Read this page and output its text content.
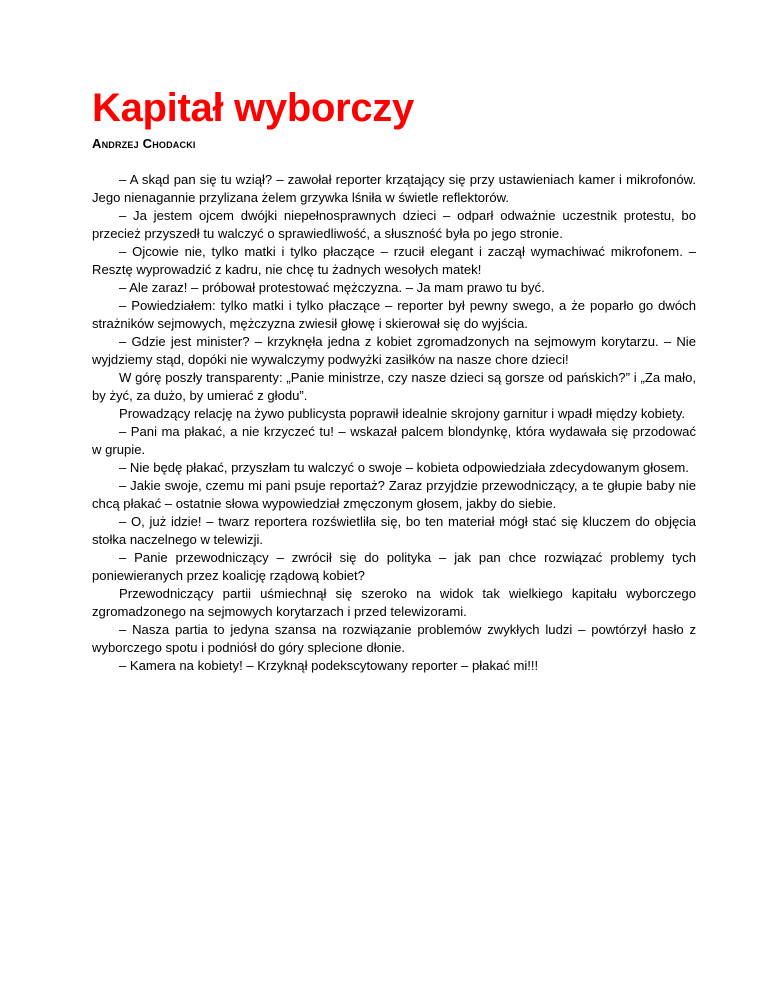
Kapitał wyborczy
Andrzej Chodacki

– A skąd pan się tu wziął? – zawołał reporter krzątający się przy ustawieniach kamer i mikrofonów. Jego nienagannie przylizana żelem grzywka lśniła w świetle reflektorów.

– Ja jestem ojcem dwójki niepełnosprawnych dzieci – odparł odważnie uczestnik protestu, bo przecież przyszedł tu walczyć o sprawiedliwość, a słuszność była po jego stronie.

– Ojcowie nie, tylko matki i tylko płaczące – rzucił elegant i zaczął wymachiwać mikrofonem. – Resztę wyprowadzić z kadru, nie chcę tu żadnych wesołych matek!

– Ale zaraz! – próbował protestować mężczyzna. – Ja mam prawo tu być.

– Powiedziałem: tylko matki i tylko płaczące – reporter był pewny swego, a że poparło go dwóch strażników sejmowych, mężczyzna zwiesił głowę i skierował się do wyjścia.

– Gdzie jest minister? – krzyknęła jedna z kobiet zgromadzonych na sejmowym korytarzu. – Nie wyjdziemy stąd, dopóki nie wywalczymy podwyżki zasiłków na nasze chore dzieci!

W górę poszły transparenty: „Panie ministrze, czy nasze dzieci są gorsze od pańskich?” i „Za mało, by żyć, za dużo, by umierać z głodu”.

Prowadzący relację na żywo publicysta poprawił idealnie skrojony garnitur i wpadł między kobiety.

– Pani ma płakać, a nie krzyczeć tu! – wskazał palcem blondynkę, która wydawała się przodować w grupie.

– Nie będę płakać, przyszłam tu walczyć o swoje – kobieta odpowiedziała zdecydowanym głosem.

– Jakie swoje, czemu mi pani psuje reportaż? Zaraz przyjdzie przewodniczący, a te głupie baby nie chcą płakać – ostatnie słowa wypowiedział zmęczonym głosem, jakby do siebie.

– O, już idzie! – twarz reportera rozświetliła się, bo ten materiał mógł stać się kluczem do objęcia stołka naczelnego w telewizji.

– Panie przewodniczący – zwrócił się do polityka – jak pan chce rozwiązać problemy tych poniewieranych przez koalicję rządową kobiet?

Przewodniczący partii uśmiechnął się szeroko na widok tak wielkiego kapitału wyborczego zgromadzonego na sejmowych korytarzach i przed telewizorami.

– Nasza partia to jedyna szansa na rozwiązanie problemów zwykłych ludzi – powtórzył hasło z wyborczego spotu i podniósł do góry splecione dłonie.

– Kamera na kobiety! – Krzyknął podekscytowany reporter – płakać mi!!!
